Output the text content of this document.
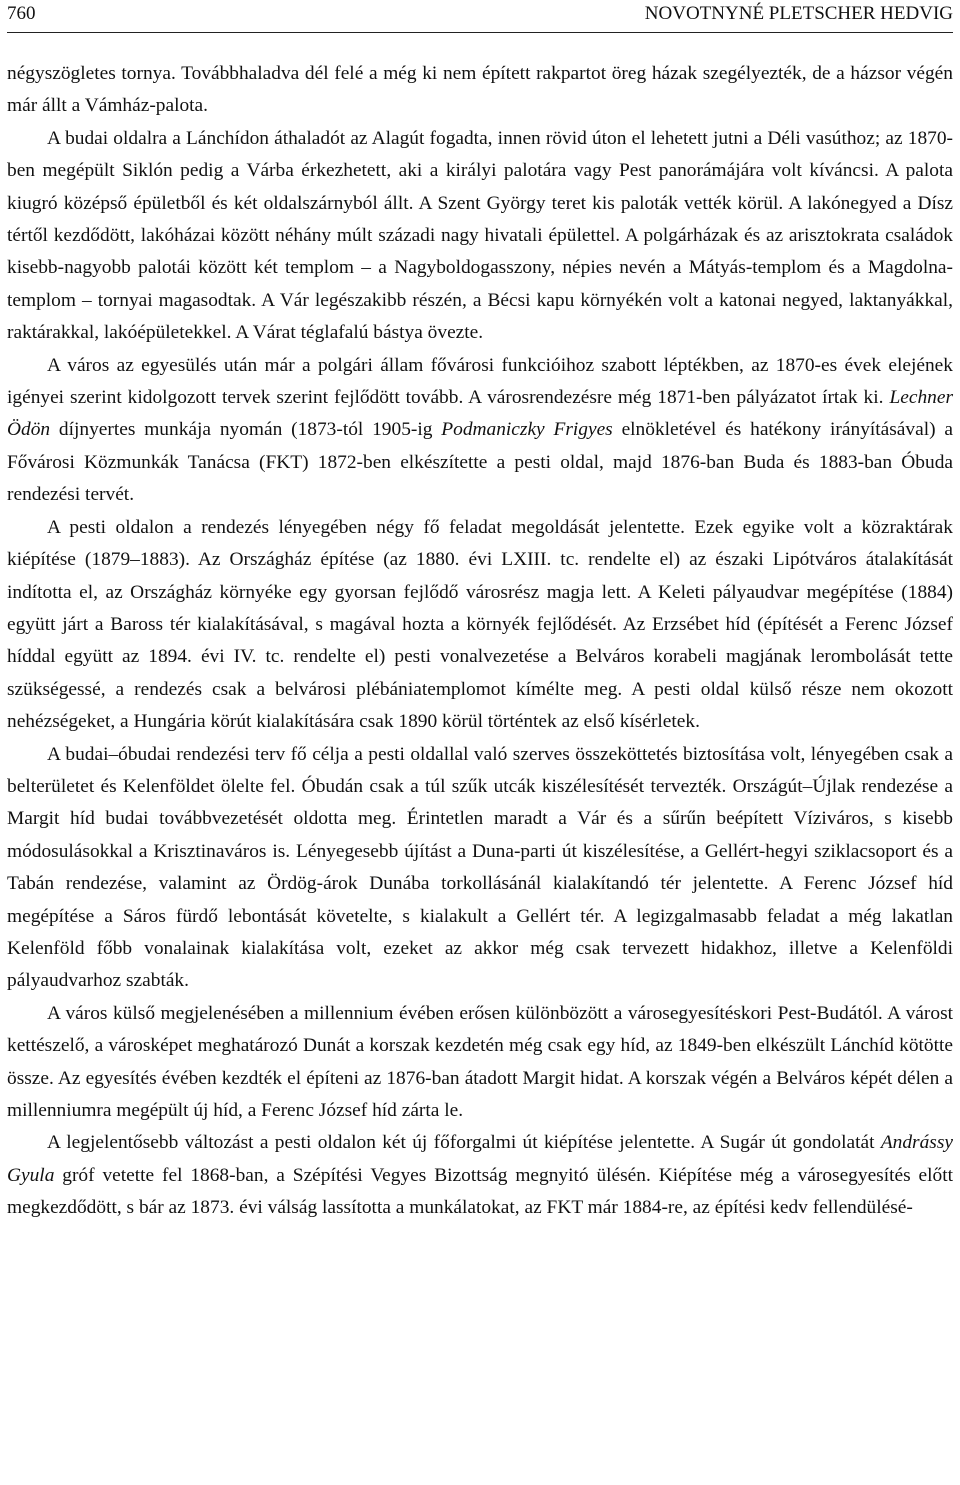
760	NOVOTNYNÉ PLETSCHER HEDVIG

négyszögletes tornya. Továbbhaladva dél felé a még ki nem épített rakpartot öreg házak szegélyezték, de a házsor végén már állt a Vámház-palota.

A budai oldalra a Lánchídon áthaladót az Alagút fogadta, innen rövid úton el lehetett jutni a Déli vasúthoz; az 1870-ben megépült Siklón pedig a Várba érkezhetett, aki a királyi palotára vagy Pest panorámájára volt kíváncsi. A palota kiugró középső épületből és két oldalszárnyból állt. A Szent György teret kis paloták vették körül. A lakónegyed a Dísz tértől kezdődött, lakóházai között néhány múlt századi nagy hivatali épülettel. A polgárházak és az arisztokrata családok kisebb-nagyobb palotái között két templom – a Nagyboldogasszony, népies nevén a Mátyás-templom és a Magdolna-templom – tornyai magasodtak. A Vár legészakibb részén, a Bécsi kapu környékén volt a katonai negyed, laktanyákkal, raktárakkal, lakóépületekkel. A Várat téglafalú bástya övezte.

A város az egyesülés után már a polgári állam fővárosi funkcióihoz szabott léptékben, az 1870-es évek elejének igényei szerint kidolgozott tervek szerint fejlődött tovább. A városrendezésre még 1871-ben pályázatot írtak ki. Lechner Ödön díjnyertes munkája nyomán (1873-tól 1905-ig Podmaniczky Frigyes elnökletével és hatékony irányításával) a Fővárosi Közmunkák Tanácsa (FKT) 1872-ben elkészítette a pesti oldal, majd 1876-ban Buda és 1883-ban Óbuda rendezési tervét.

A pesti oldalon a rendezés lényegében négy fő feladat megoldását jelentette. Ezek egyike volt a közraktárak kiépítése (1879–1883). Az Országház építése (az 1880. évi LXIII. tc. rendelte el) az északi Lipótváros átalakítását indította el, az Országház környéke egy gyorsan fejlődő városrész magja lett. A Keleti pályaudvar megépítése (1884) együtt járt a Baross tér kialakításával, s magával hozta a környék fejlődését. Az Erzsébet híd (építését a Ferenc József híddal együtt az 1894. évi IV. tc. rendelte el) pesti vonalvezetése a Belváros korabeli magjának lerombolását tette szükségessé, a rendezés csak a belvárosi plébániatemplomot kímélte meg. A pesti oldal külső része nem okozott nehézségeket, a Hungária körút kialakítására csak 1890 körül történtek az első kísérletek.

A budai–óbudai rendezési terv fő célja a pesti oldallal való szerves összeköttetés biztosítása volt, lényegében csak a belterületet és Kelenföldet ölelte fel. Óbudán csak a túl szűk utcák kiszélesítését tervezték. Országút–Újlak rendezése a Margit híd budai továbbvezetését oldotta meg. Érintetlen maradt a Vár és a sűrűn beépített Víziváros, s kisebb módosulásokkal a Krisztinaváros is. Lényegesebb újítást a Duna-parti út kiszélesítése, a Gellért-hegyi sziklacsoport és a Tabán rendezése, valamint az Ördög-árok Dunába torkollásánál kialakítandó tér jelentette. A Ferenc József híd megépítése a Sáros fürdő lebontását követelte, s kialakult a Gellért tér. A legizgalmasabb feladat a még lakatlan Kelenföld főbb vonalainak kialakítása volt, ezeket az akkor még csak tervezett hidakhoz, illetve a Kelenföldi pályaudvarhoz szabták.

A város külső megjelenésében a millennium évében erősen különbözött a városegyesítéskori Pest-Budától. A várost kettészelő, a városképet meghatározó Dunát a korszak kezdetén még csak egy híd, az 1849-ben elkészült Lánchíd kötötte össze. Az egyesítés évében kezdték el építeni az 1876-ban átadott Margit hidat. A korszak végén a Belváros képét délen a millenniumra megépült új híd, a Ferenc József híd zárta le.

A legjelentősebb változást a pesti oldalon két új főforgalmi út kiépítése jelentette. A Sugár út gondolatát Andrássy Gyula gróf vetette fel 1868-ban, a Szépítési Vegyes Bizottság megnyitó ülésén. Kiépítése még a városegyesítés előtt megkezdődött, s bár az 1873. évi válság lassította a munkálatokat, az FKT már 1884-re, az építési kedv fellendülésé-
